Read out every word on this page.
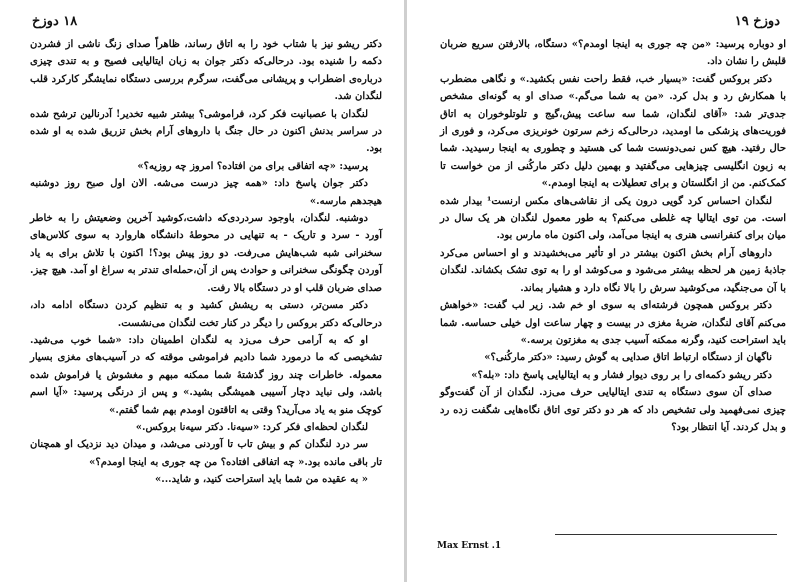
۱۸ دوزخ

دکتر ریشو نیز با شتاب خود را به اتاق رساند، ظاهراً صدای زنگ ناشی از فشردن دکمه را شنیده بود. درحالی‌که دکتر جوان به زبان ایتالیایی فصیح و به تندی چیزی درباره‌ی اضطراب و پریشانی می‌گفت، سرگرم بررسی دستگاه نمایشگر کارکرد قلب لنگدان شد.

لنگدان با عصبانیت فکر کرد، فراموشی؟ بیشتر شبیه تخدیر! آدرنالین ترشح شده در سراسر بدنش اکنون در حال جنگ با داروهای آرام بخش تزریق شده به او شده بود.

پرسید: «چه اتفاقی برای من افتاده؟ امروز چه روزیه؟»

دکتر جوان پاسخ داد: «همه چیز درست می‌شه. الان اول صبح روز دوشنبه هیجدهم مارسه.»

دوشنبه. لنگدان، باوجود سردردی‌که داشت،کوشید آخرین وضعیتش را به خاطر آورد - سرد و تاریک - به تنهایی در محوطهٔ دانشگاه هاروارد به سوی کلاس‌های سخنرانی شبه شب‌هایش می‌رفت. دو روز پیش بود؟! اکنون با تلاش برای به یاد آوردن چگونگی سخنرانی و حوادث پس از آن،حمله‌ای تندتر به سراغ او آمد. هیچ چیز. صدای ضربان قلب او در دستگاه بالا رفت.

دکتر مسن‌تر، دستی به ریشش کشید و به تنظیم کردن دستگاه ادامه داد، درحالی‌که دکتر بروکس را دیگر در کنار تخت لنگدان می‌نشست.

او که به آرامی حرف می‌زد به لنگدان اطمینان داد: «شما خوب می‌شید. تشخیصی که ما درمورد شما دادیم فراموشی موقته که در آسیب‌های مغزی بسیار معموله. خاطرات چند روز گذشتهٔ شما ممکنه مبهم و مغشوش یا فراموش شده باشد، ولی نباید دچار آسیبی همیشگی بشید.» و پس از درنگی پرسید: «آیا اسم کوچک منو به یاد می‌آرید؟ وقتی به اتاقتون اومدم بهم شما گفتم.»

لنگدان لحظه‌ای فکر کرد: «سیه‌نا. دکتر سیه‌نا بروکس.»

سر درد لنگدان کم و بیش تاب تا آوردنی می‌شد، و میدان دید نزدیک او همچنان تار باقی مانده بود.« چه اتفاقی افتاده؟ من چه جوری به اینجا اومدم؟»

« به عقیده من شما باید استراحت کنید، و شاید...»

دوزخ ۱۹

او دوباره پرسید: «من چه جوری به اینجا اومدم؟» دستگاه، بالارفتن سریع ضربان قلبش را نشان داد.

دکتر بروکس گفت: «بسیار خب، فقط راحت نفس بکشید.» و نگاهی مضطرب با همکارش رد و بدل کرد. «من به شما می‌گم.» صدای او به گونه‌ای مشخص جدی‌تر شد: «آقای لنگدان، شما سه ساعت پیش،گیج و تلوتلوخوران به اتاق فوریت‌های پزشکی ما اومدید، درحالی‌که زخم سرتون خونریزی می‌کرد، و فوری از حال رفتید. هیچ کس نمی‌دونست شما کی هستید و چطوری به اینجا رسیدید. شما به زبون انگلیسی چیزهایی می‌گفتید و بهمین دلیل دکتر مارکُنی از من خواست تا کمک‌کنم. من از انگلستان و برای تعطیلات به اینجا اومدم.»

لنگدان احساس کرد گویی درون یکی از نقاشی‌های مکس ارنست¹ بیدار شده است. من توی ایتالیا چه غلطی می‌کنم؟ به طور معمول لنگدان هر یک سال در میان برای کنفرانسی هنری به اینجا می‌آمد، ولی اکنون ماه مارس بود.

داروهای آرام بخش اکنون بیشتر در او تأثیر می‌بخشیدند و او احساس می‌کرد جاذبهٔ زمین هر لحظه بیشتر می‌شود و می‌کوشد او را به توی تشک بکشاند. لنگدان با آن می‌جنگید، می‌کوشید سرش را بالا نگاه دارد و هشیار بماند.

دکتر بروکس همچون فرشته‌ای به سوی او خم شد. زیر لب گفت: «خواهش می‌کنم آقای لنگدان، ضربهٔ مغزی در بیست و چهار ساعت اول خیلی حساسه. شما باید استراحت کنید، وگرنه ممکنه آسیب جدی به مغزتون برسه.»

ناگهان از دستگاه ارتباط اتاق صدایی به گوش رسید: «دکتر مارکُنی؟»

دکتر ریشو دکمه‌ای را بر روی دیوار فشار و به ایتالیایی پاسخ داد: «بله؟»

صدای آن سوی دستگاه به تندی ایتالیایی حرف می‌زد. لنگدان از آن گفت‌وگو چیزی نمی‌فهمید ولی تشخیص داد که هر دو دکتر توی اتاق نگاه‌هایی شگفت زده رد و بدل کردند. آیا انتظار بود؟

Max Ernst .1
